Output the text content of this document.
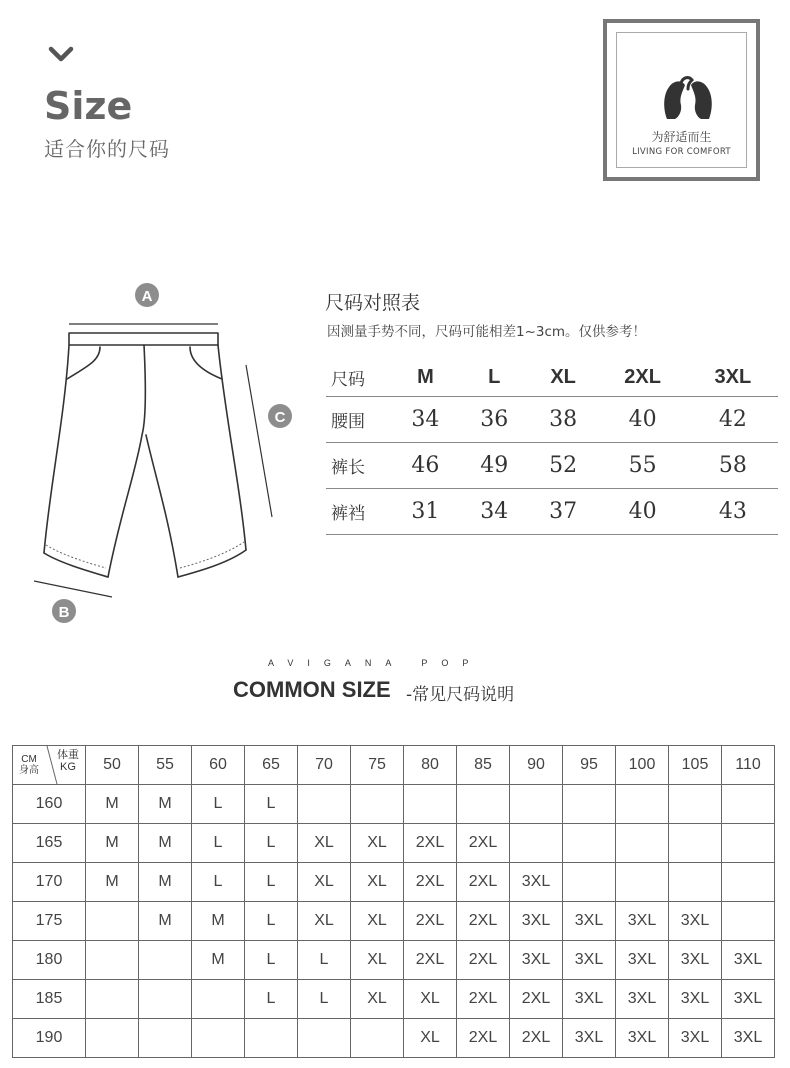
Size
适合你的尺码	为舒适而生
LIVING FOR COMFORT
A
C
B
尺码对照表
因测量手势不同，尺码可能相差1~3cm。仅供参考！
尺码	M	L	XL	2XL	3XL
腰围	34	36	38	40	42
裤长	46	49	52	55	58
裤裆	31	34	37	40	43
AVIGANA POP
COMMON SIZE -常见尺码说明
CM
身高
体重
KG	50	55	60	65	70	75	80	85	90	95	100	105	110
160	M	M	L	L									
165	M	M	L	L	XL	XL	2XL	2XL					
170	M	M	L	L	XL	XL	2XL	2XL	3XL				
175		M	M	L	XL	XL	2XL	2XL	3XL	3XL	3XL	3XL	
180			M	L	L	XL	2XL	2XL	3XL	3XL	3XL	3XL	3XL
185				L	L	XL	XL	2XL	2XL	3XL	3XL	3XL	3XL
190							XL	2XL	2XL	3XL	3XL	3XL	3XL
